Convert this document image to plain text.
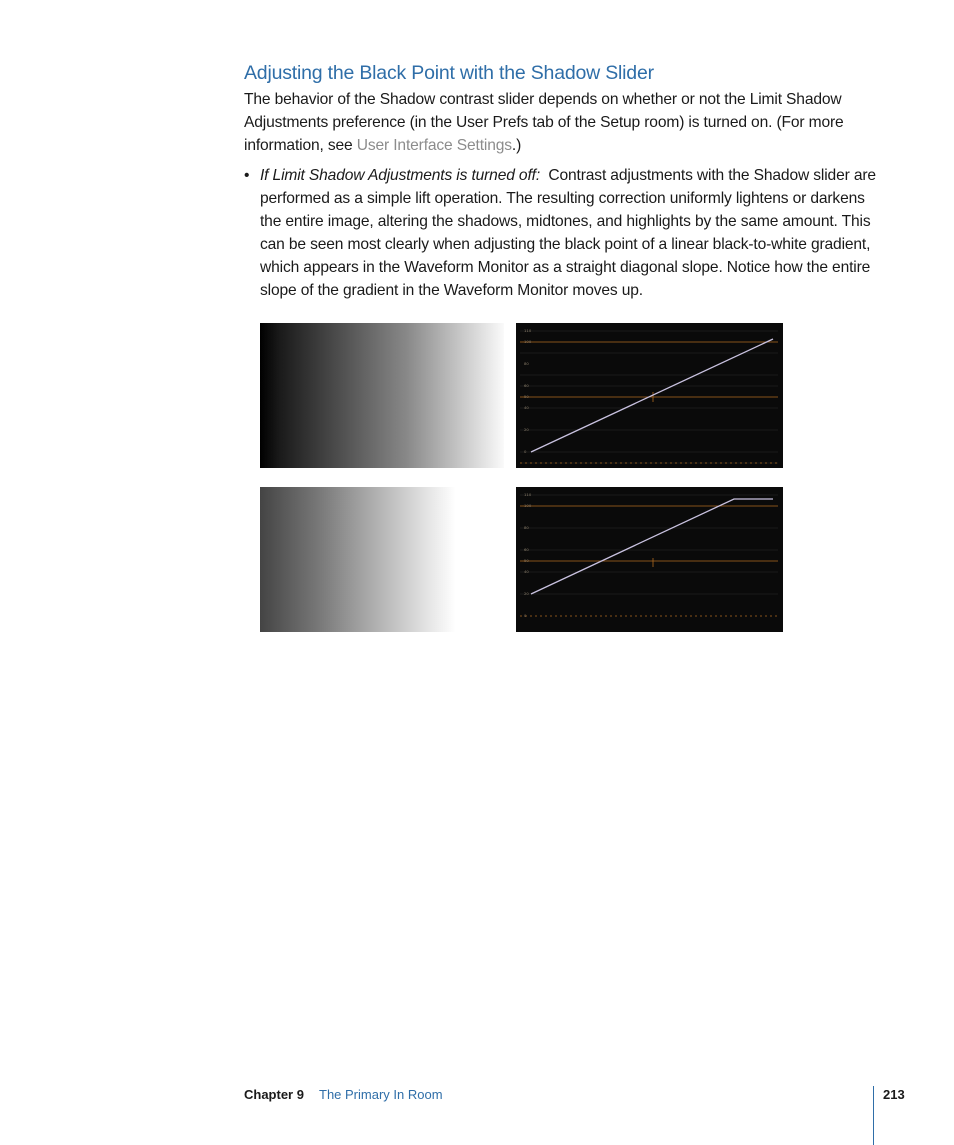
Adjusting the Black Point with the Shadow Slider

The behavior of the Shadow contrast slider depends on whether or not the Limit Shadow Adjustments preference (in the User Prefs tab of the Setup room) is turned on. (For more information, see User Interface Settings.)

• If Limit Shadow Adjustments is turned off: Contrast adjustments with the Shadow slider are performed as a simple lift operation. The resulting correction uniformly lightens or darkens the entire image, altering the shadows, midtones, and highlights by the same amount. This can be seen most clearly when adjusting the black point of a linear black-to-white gradient, which appears in the Waveform Monitor as a straight diagonal slope. Notice how the entire slope of the gradient in the Waveform Monitor moves up.
110
100
80
60
50
40
20
0
110
100
80
60
50
40
20
0
Chapter 9 The Primary In Room	213
